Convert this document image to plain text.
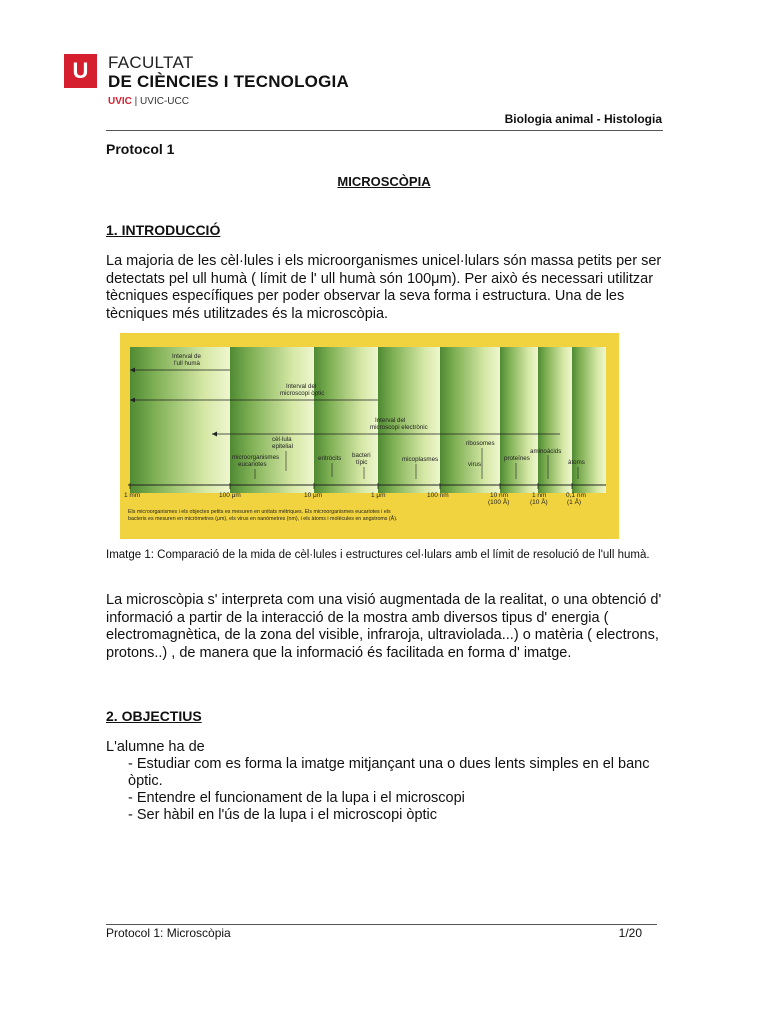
U	FACULTAT
DE CIÈNCIES I TECNOLOGIA
UVIC | UVIC-UCC
Biologia animal - Histologia
Protocol 1
MICROSCÒPIA
1. INTRODUCCIÓ
La majoria de les cèl·lules i els microorganismes unicel·lulars són massa petits per ser detectats pel ull humà ( límit de l' ull humà són 100μm). Per això és necessari utilitzar tècniques específiques per poder observar la seva forma i estructura. Una de les tècniques més utilitzades és la microscòpia.
Interval de
l'ull humà
Interval del
microscopi òptic
Interval del
microscopi electrònic
cèl·lula
epitelial
microorganismes
eucariotes
eritròcits bacteri
típic	micoplasmes
ribosomes
virus
proteïnes
aminoàcids
àtoms
1 mm	100 μm	10 μm	1 μm	100 nm	10 nm
(100 Å)
1 nm
(10 Å)
0,1 nm
(1 Å)
Els microorganismes i els objectes petits es mesuren en unitats mètriques. Els microorganismes eucariotes i els
bacteris es mesuren en micròmetres (μm), els virus en nanòmetres (nm), i els àtoms i molècules en angstroms (Å).
Imatge 1: Comparació de la mida de cèl·lules i estructures cel·lulars amb el límit de resolució de l'ull humà.
La microscòpia s' interpreta com una visió augmentada de la realitat, o una obtenció d' informació a partir de la interacció de la mostra amb diversos tipus d' energia ( electromagnètica, de la zona del visible, infraroja, ultraviolada...) o matèria ( electrons, protons..) , de manera que la informació és facilitada en forma d' imatge.
2. OBJECTIUS
L'alumne ha de
- Estudiar com es forma la imatge mitjançant una o dues lents simples en el banc òptic.
- Entendre el funcionament de la lupa i el microscopi
- Ser hàbil en l'ús de la lupa i el microscopi òptic
Protocol 1: Microscòpia	1/20
